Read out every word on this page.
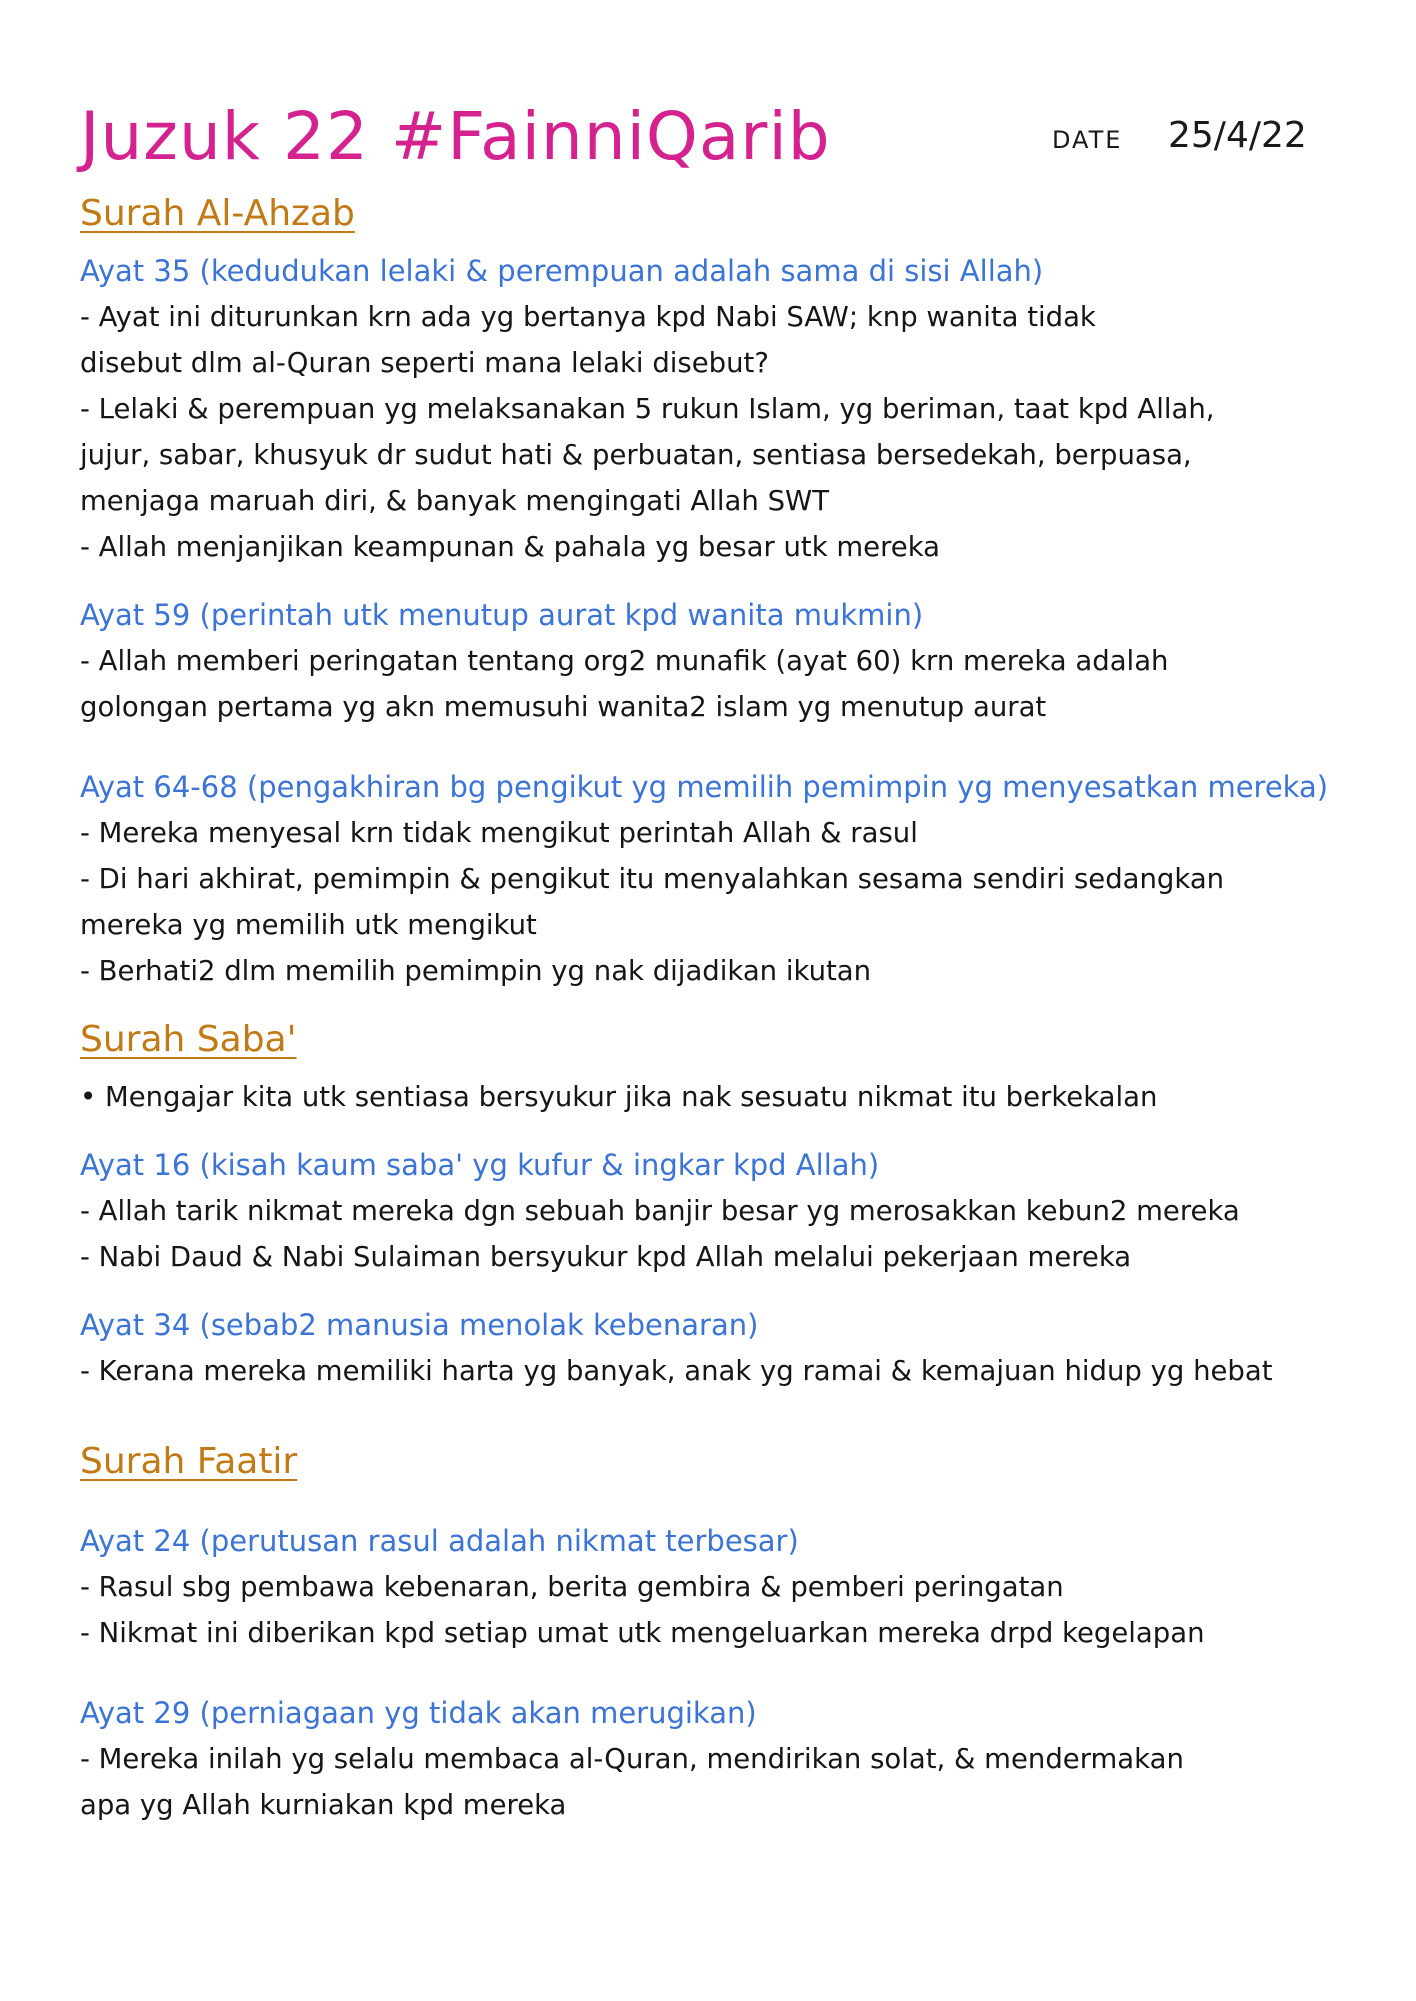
Juzuk 22 #FainniQarib	DATE 25/4/22
Surah Al-Ahzab
Ayat 35 (kedudukan lelaki & perempuan adalah sama di sisi Allah)
- Ayat ini diturunkan krn ada yg bertanya kpd Nabi SAW; knp wanita tidak
disebut dlm al-Quran seperti mana lelaki disebut?
- Lelaki & perempuan yg melaksanakan 5 rukun Islam, yg beriman, taat kpd Allah,
jujur, sabar, khusyuk dr sudut hati & perbuatan, sentiasa bersedekah, berpuasa,
menjaga maruah diri, & banyak mengingati Allah SWT
- Allah menjanjikan keampunan & pahala yg besar utk mereka
Ayat 59 (perintah utk menutup aurat kpd wanita mukmin)
- Allah memberi peringatan tentang org2 munafik (ayat 60) krn mereka adalah
golongan pertama yg akn memusuhi wanita2 islam yg menutup aurat
Ayat 64-68 (pengakhiran bg pengikut yg memilih pemimpin yg menyesatkan mereka)
- Mereka menyesal krn tidak mengikut perintah Allah & rasul
- Di hari akhirat, pemimpin & pengikut itu menyalahkan sesama sendiri sedangkan
mereka yg memilih utk mengikut
- Berhati2 dlm memilih pemimpin yg nak dijadikan ikutan
Surah Saba'
• Mengajar kita utk sentiasa bersyukur jika nak sesuatu nikmat itu berkekalan
Ayat 16 (kisah kaum saba' yg kufur & ingkar kpd Allah)
- Allah tarik nikmat mereka dgn sebuah banjir besar yg merosakkan kebun2 mereka
- Nabi Daud & Nabi Sulaiman bersyukur kpd Allah melalui pekerjaan mereka
Ayat 34 (sebab2 manusia menolak kebenaran)
- Kerana mereka memiliki harta yg banyak, anak yg ramai & kemajuan hidup yg hebat
Surah Faatir
Ayat 24 (perutusan rasul adalah nikmat terbesar)
- Rasul sbg pembawa kebenaran, berita gembira & pemberi peringatan
- Nikmat ini diberikan kpd setiap umat utk mengeluarkan mereka drpd kegelapan
Ayat 29 (perniagaan yg tidak akan merugikan)
- Mereka inilah yg selalu membaca al-Quran, mendirikan solat, & mendermakan
apa yg Allah kurniakan kpd mereka
